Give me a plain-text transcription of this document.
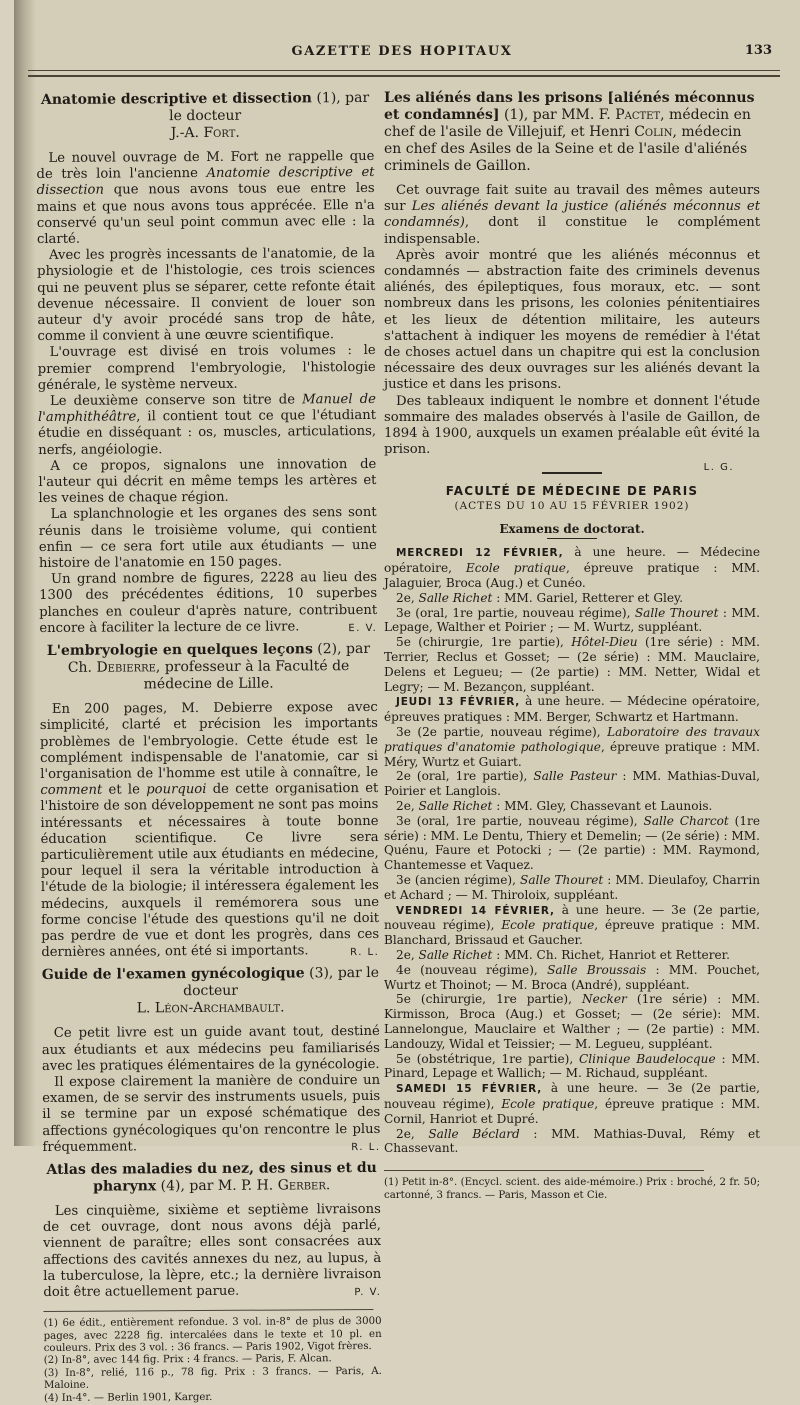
GAZETTE DES HOPITAUX	133

Anatomie descriptive et dissection (1), par le docteur
J.-A. Fort.

Le nouvel ouvrage de M. Fort ne rappelle que de très loin l'ancienne Anatomie descriptive et dissection que nous avons tous eue entre les mains et que nous avons tous apprécée. Elle n'a conservé qu'un seul point commun avec elle : la clarté.

Avec les progrès incessants de l'anatomie, de la physiologie et de l'histologie, ces trois sciences qui ne peuvent plus se séparer, cette refonte était devenue nécessaire. Il convient de louer son auteur d'y avoir procédé sans trop de hâte, comme il convient à une œuvre scientifique.

L'ouvrage est divisé en trois volumes : le premier comprend l'embryologie, l'histologie générale, le système nerveux.

Le deuxième conserve son titre de Manuel de l'amphithéâtre, il contient tout ce que l'étudiant étudie en disséquant : os, muscles, articulations, nerfs, angéiologie.

A ce propos, signalons une innovation de l'auteur qui décrit en même temps les artères et les veines de chaque région.

La splanchnologie et les organes des sens sont réunis dans le troisième volume, qui contient enfin — ce sera fort utile aux étudiants — une histoire de l'anatomie en 150 pages.

Un grand nombre de figures, 2228 au lieu des 1300 des précédentes éditions, 10 superbes planches en couleur d'après nature, contribuent encore à faciliter la lecture de ce livre.	E. V.

L'embryologie en quelques leçons (2), par Ch. Debierre, professeur à la Faculté de médecine de Lille.

En 200 pages, M. Debierre expose avec simplicité, clarté et précision les importants problèmes de l'embryologie. Cette étude est le complément indispensable de l'anatomie, car si l'organisation de l'homme est utile à connaître, le comment et le pourquoi de cette organisation et l'histoire de son développement ne sont pas moins intéressants et nécessaires à toute bonne éducation scientifique. Ce livre sera particulièrement utile aux étudiants en médecine, pour lequel il sera la véritable introduction à l'étude de la biologie; il intéressera également les médecins, auxquels il remémorera sous une forme concise l'étude des questions qu'il ne doit pas perdre de vue et dont les progrès, dans ces dernières années, ont été si importants.	R. L.

Guide de l'examen gynécologique (3), par le docteur
L. Léon-Archambault.

Ce petit livre est un guide avant tout, destiné aux étudiants et aux médecins peu familiarisés avec les pratiques élémentaires de la gynécologie.

Il expose clairement la manière de conduire un examen, de se servir des instruments usuels, puis il se termine par un exposé schématique des affections gynécologiques qu'on rencontre le plus fréquemment.	R. L.

Atlas des maladies du nez, des sinus et du pharynx (4), par M. P. H. Gerber.

Les cinquième, sixième et septième livraisons de cet ouvrage, dont nous avons déjà parlé, viennent de paraître; elles sont consacrées aux affections des cavités annexes du nez, au lupus, à la tuberculose, la lèpre, etc.; la dernière livraison doit être actuellement parue.	P. V.

(1) 6e édit., entièrement refondue. 3 vol. in-8° de plus de 3000 pages, avec 2228 fig. intercalées dans le texte et 10 pl. en couleurs. Prix des 3 vol. : 36 francs. — Paris 1902, Vigot frères.

(2) In-8°, avec 144 fig. Prix : 4 francs. — Paris, F. Alcan.

(3) In-8°, relié, 116 p., 78 fig. Prix : 3 francs. — Paris, A. Maloine.

(4) In-4°. — Berlin 1901, Karger.

Les aliénés dans les prisons [aliénés méconnus et condamnés] (1), par MM. F. Pactet, médecin en chef de l'asile de Villejuif, et Henri Colin, médecin en chef des Asiles de la Seine et de l'asile d'aliénés criminels de Gaillon.

Cet ouvrage fait suite au travail des mêmes auteurs sur Les aliénés devant la justice (aliénés méconnus et condamnés), dont il constitue le complément indispensable.

Après avoir montré que les aliénés méconnus et condamnés — abstraction faite des criminels devenus aliénés, des épileptiques, fous moraux, etc. — sont nombreux dans les prisons, les colonies pénitentiaires et les lieux de détention militaire, les auteurs s'attachent à indiquer les moyens de remédier à l'état de choses actuel dans un chapitre qui est la conclusion nécessaire des deux ouvrages sur les aliénés devant la justice et dans les prisons.

Des tableaux indiquent le nombre et donnent l'étude sommaire des malades observés à l'asile de Gaillon, de 1894 à 1900, auxquels un examen préalable eût évité la prison.

L. G.

FACULTÉ DE MÉDECINE DE PARIS
(ACTES DU 10 AU 15 FÉVRIER 1902)
Examens de doctorat.

MERCREDI 12 FÉVRIER, à une heure. — Médecine opératoire, Ecole pratique, épreuve pratique : MM. Jalaguier, Broca (Aug.) et Cunéo.

2e, Salle Richet : MM. Gariel, Retterer et Gley.

3e (oral, 1re partie, nouveau régime), Salle Thouret : MM. Lepage, Walther et Poirier ; — M. Wurtz, suppléant.

5e (chirurgie, 1re partie), Hôtel-Dieu (1re série) : MM. Terrier, Reclus et Gosset; — (2e série) : MM. Mauclaire, Delens et Legueu; — (2e partie) : MM. Netter, Widal et Legry; — M. Bezançon, suppléant.

JEUDI 13 FÉVRIER, à une heure. — Médecine opératoire, épreuves pratiques : MM. Berger, Schwartz et Hartmann.

3e (2e partie, nouveau régime), Laboratoire des travaux pratiques d'anatomie pathologique, épreuve pratique : MM. Méry, Wurtz et Guiart.

2e (oral, 1re partie), Salle Pasteur : MM. Mathias-Duval, Poirier et Langlois.

2e, Salle Richet : MM. Gley, Chassevant et Launois.

3e (oral, 1re partie, nouveau régime), Salle Charcot (1re série) : MM. Le Dentu, Thiery et Demelin; — (2e série) : MM. Quénu, Faure et Potocki ; — (2e partie) : MM. Raymond, Chantemesse et Vaquez.

3e (ancien régime), Salle Thouret : MM. Dieulafoy, Charrin et Achard ; — M. Thiroloix, suppléant.

VENDREDI 14 FÉVRIER, à une heure. — 3e (2e partie, nouveau régime), Ecole pratique, épreuve pratique : MM. Blanchard, Brissaud et Gaucher.

2e, Salle Richet : MM. Ch. Richet, Hanriot et Retterer.

4e (nouveau régime), Salle Broussais : MM. Pouchet, Wurtz et Thoinot; — M. Broca (André), suppléant.

5e (chirurgie, 1re partie), Necker (1re série) : MM. Kirmisson, Broca (Aug.) et Gosset; — (2e série): MM. Lannelongue, Mauclaire et Walther ; — (2e partie) : MM. Landouzy, Widal et Teissier; — M. Legueu, suppléant.

5e (obstétrique, 1re partie), Clinique Baudelocque : MM. Pinard, Lepage et Wallich; — M. Richaud, suppléant.

SAMEDI 15 FÉVRIER, à une heure. — 3e (2e partie, nouveau régime), Ecole pratique, épreuve pratique : MM. Cornil, Hanriot et Dupré.

2e, Salle Béclard : MM. Mathias-Duval, Rémy et Chassevant.

(1) Petit in-8°. (Encycl. scient. des aide-mémoire.) Prix : broché, 2 fr. 50; cartonné, 3 francs. — Paris, Masson et Cie.
